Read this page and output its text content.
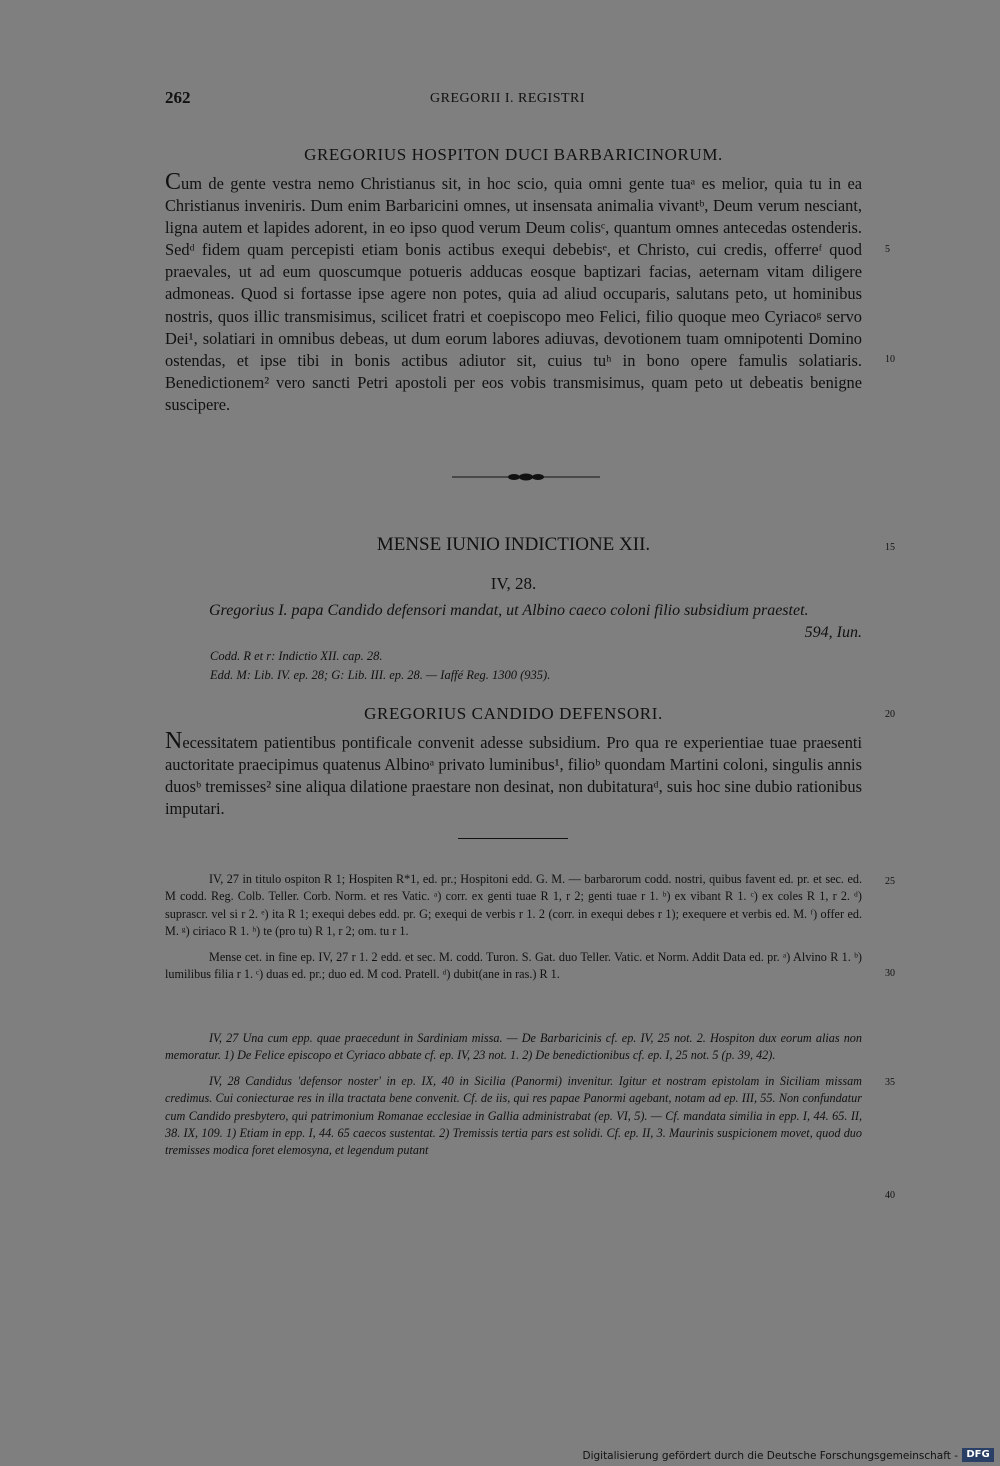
262	GREGORII I. REGISTRI
GREGORIUS HOSPITON DUCI BARBARICINORUM.

Cum de gente vestra nemo Christianus sit, in hoc scio, quia omni gente tuaᵃ es melior, quia tu in ea Christianus inveniris. Dum enim Barbaricini omnes, ut insensata animalia vivantᵇ, Deum verum nesciant, ligna autem et lapides adorent, in eo ipso quod verum Deum colisᶜ, quantum omnes antecedas ostenderis. Sedᵈ fidem quam percepisti etiam bonis actibus exequi debebisᵉ, et Christo, cui credis, offerreᶠ quod praevales, ut ad eum quoscumque potueris adducas eosque baptizari facias, aeternam vitam diligere admoneas. Quod si fortasse ipse agere non potes, quia ad aliud occuparis, salutans peto, ut hominibus nostris, quos illic transmisimus, scilicet fratri et coepiscopo meo Felici, filio quoque meo Cyriacoᵍ servo Dei¹, solatiari in omnibus debeas, ut dum eorum labores adiuvas, devotionem tuam omnipotenti Domino ostendas, et ipse tibi in bonis actibus adiutor sit, cuius tuʰ in bono opere famulis solatiaris. Benedictionem² vero sancti Petri apostoli per eos vobis transmisimus, quam peto ut debeatis benigne suscipere.

5
10
15
20
25
30
35
40
MENSE IUNIO INDICTIONE XII.
IV, 28.
Gregorius I. papa Candido defensori mandat, ut Albino caeco coloni filio subsidium praestet.
594, Iun.
Codd. R et r: Indictio XII. cap. 28.
Edd. M: Lib. IV. ep. 28; G: Lib. III. ep. 28. — Iaffé Reg. 1300 (935).
GREGORIUS CANDIDO DEFENSORI.

Necessitatem patientibus pontificale convenit adesse subsidium. Pro qua re experientiae tuae praesenti auctoritate praecipimus quatenus Albinoᵃ privato luminibus¹, filioᵇ quondam Martini coloni, singulis annis duosᵇ tremisses² sine aliqua dilatione praestare non desinat, non dubitaturaᵈ, suis hoc sine dubio rationibus imputari.

IV, 27 in titulo ospiton R 1; Hospiten R*1, ed. pr.; Hospitoni edd. G. M. — barbarorum codd. nostri, quibus favent ed. pr. et sec. ed. M codd. Reg. Colb. Teller. Corb. Norm. et res Vatic. ᵃ) corr. ex genti tuae R 1, r 2; genti tuae r 1. ᵇ) ex vibant R 1. ᶜ) ex coles R 1, r 2. ᵈ) suprascr. vel si r 2. ᵉ) ita R 1; exequi debes edd. pr. G; exequi de verbis r 1. 2 (corr. in exequi debes r 1); exequere et verbis ed. M. ᶠ) offer ed. M. ᵍ) ciriaco R 1. ʰ) te (pro tu) R 1, r 2; om. tu r 1.

Mense cet. in fine ep. IV, 27 r 1. 2 edd. et sec. M. codd. Turon. S. Gat. duo Teller. Vatic. et Norm. Addit Data ed. pr. ᵃ) Alvino R 1. ᵇ) lumilibus filia r 1. ᶜ) duas ed. pr.; duo ed. M cod. Pratell. ᵈ) dubit(ane in ras.) R 1.

IV, 27 Una cum epp. quae praecedunt in Sardiniam missa. — De Barbaricinis cf. ep. IV, 25 not. 2. Hospiton dux eorum alias non memoratur. 1) De Felice episcopo et Cyriaco abbate cf. ep. IV, 23 not. 1. 2) De benedictionibus cf. ep. I, 25 not. 5 (p. 39, 42).

IV, 28 Candidus 'defensor noster' in ep. IX, 40 in Sicilia (Panormi) invenitur. Igitur et nostram epistolam in Siciliam missam credimus. Cui coniecturae res in illa tractata bene convenit. Cf. de iis, qui res papae Panormi agebant, notam ad ep. III, 55. Non confundatur cum Candido presbytero, qui patrimonium Romanae ecclesiae in Gallia administrabat (ep. VI, 5). — Cf. mandata similia in epp. I, 44. 65. II, 38. IX, 109. 1) Etiam in epp. I, 44. 65 caecos sustentat. 2) Tremissis tertia pars est solidi. Cf. ep. II, 3. Maurinis suspicionem movet, quod duo tremisses modica foret elemosyna, et legendum putant

Digitalisierung gefördert durch die Deutsche Forschungsgemeinschaft - DFG
